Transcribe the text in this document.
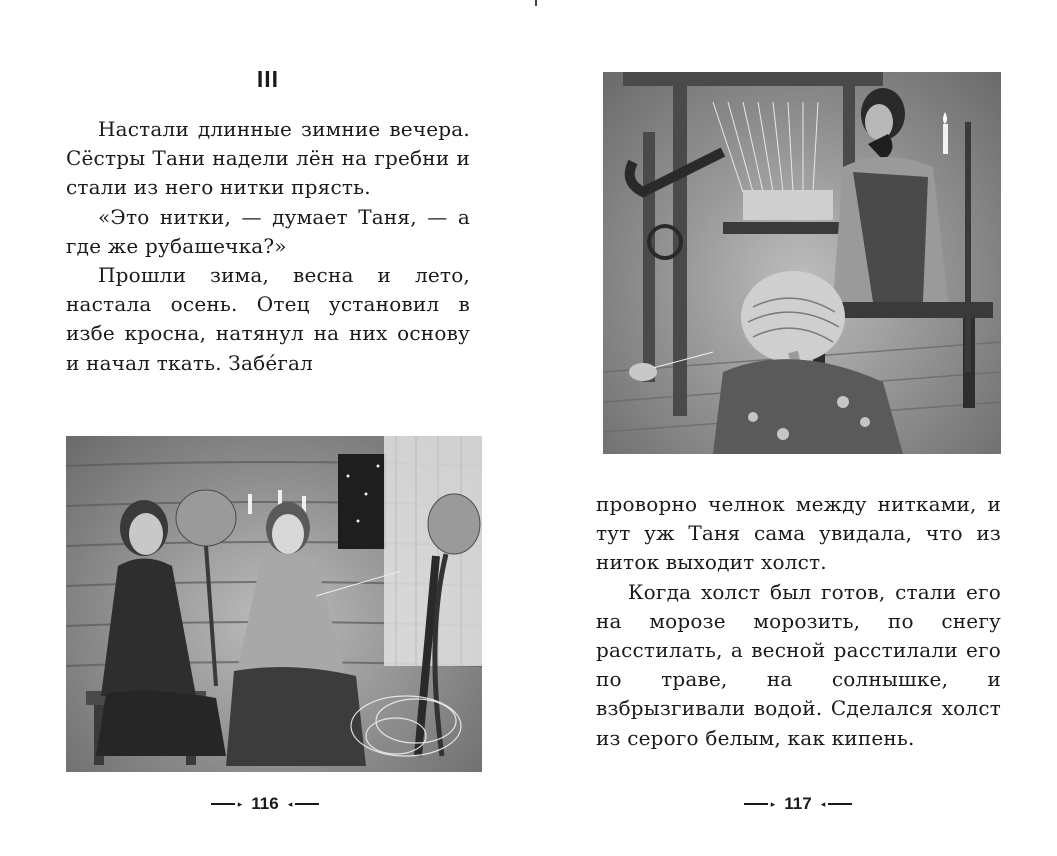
III

Настали длинные зимние вечера. Сёстры Тани надели лён на гребни и стали из него нитки прясть.

«Это нитки, — думает Таня, — а где же рубашечка?»

Прошли зима, весна и лето, настала осень. Отец установил в избе кросна, натянул на них основу и начал ткать. Забéгал

▸ 116 ◂

проворно челнок между нитками, и тут уж Таня сама увидала, что из ниток выходит холст.

Когда холст был готов, стали его на морозе морозить, по снегу расстилать, а весной расстилали его по траве, на солнышке, и взбрызгивали водой. Сделался холст из серого белым, как кипень.

▸ 117 ◂
